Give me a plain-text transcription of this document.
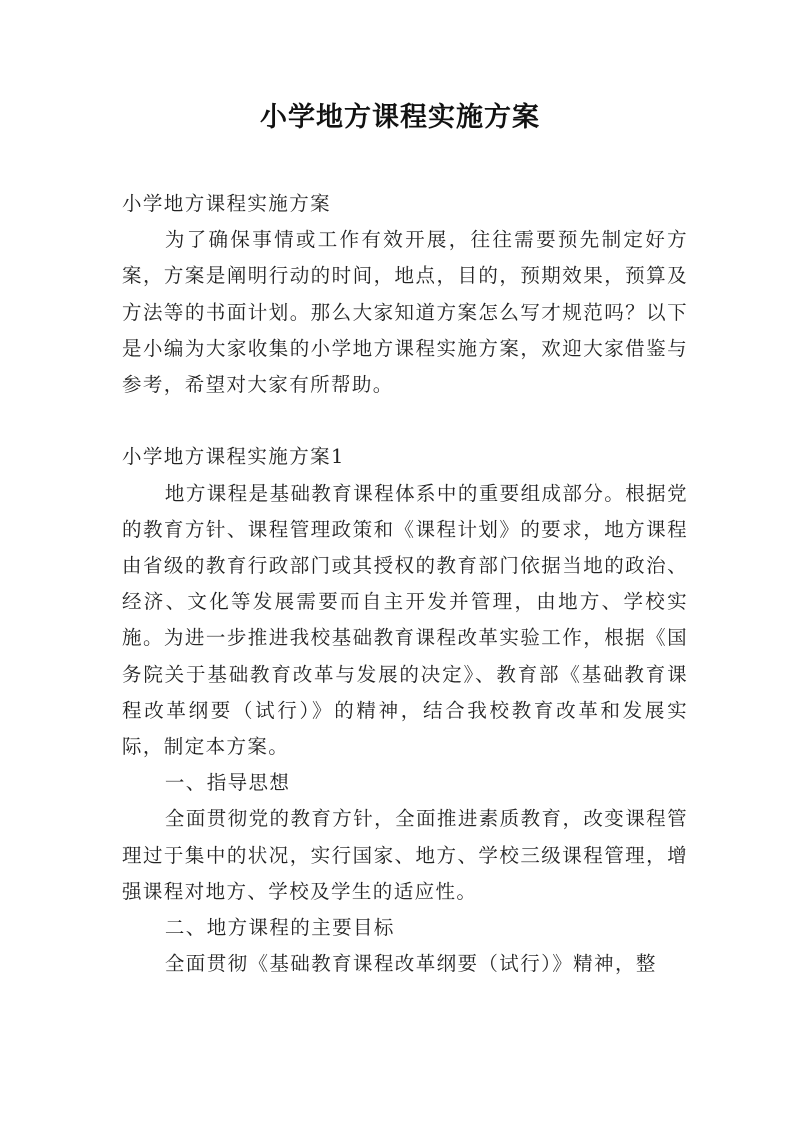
小学地方课程实施方案

小学地方课程实施方案

为了确保事情或工作有效开展，往往需要预先制定好方案，方案是阐明行动的时间，地点，目的，预期效果，预算及方法等的书面计划。那么大家知道方案怎么写才规范吗？以下是小编为大家收集的小学地方课程实施方案，欢迎大家借鉴与参考，希望对大家有所帮助。

小学地方课程实施方案1

地方课程是基础教育课程体系中的重要组成部分。根据党的教育方针、课程管理政策和《课程计划》的要求，地方课程由省级的教育行政部门或其授权的教育部门依据当地的政治、经济、文化等发展需要而自主开发并管理，由地方、学校实施。为进一步推进我校基础教育课程改革实验工作，根据《国务院关于基础教育改革与发展的决定》、教育部《基础教育课程改革纲要（试行）》的精神，结合我校教育改革和发展实际，制定本方案。

一、指导思想

全面贯彻党的教育方针，全面推进素质教育，改变课程管理过于集中的状况，实行国家、地方、学校三级课程管理，增强课程对地方、学校及学生的适应性。

二、地方课程的主要目标

全面贯彻《基础教育课程改革纲要（试行）》精神，整
